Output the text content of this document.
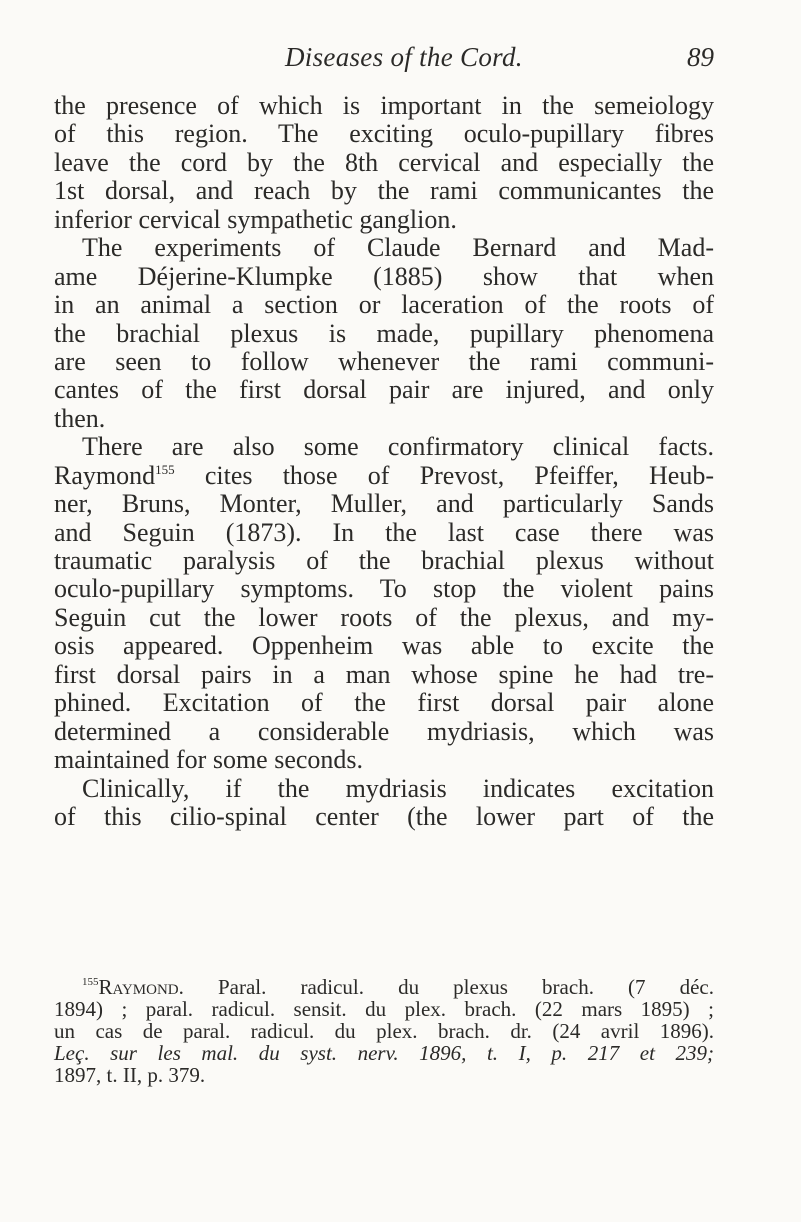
Diseases of the Cord.	89

the presence of which is important in the semeiology
of this region. The exciting oculo-pupillary fibres
leave the cord by the 8th cervical and especially the
1st dorsal, and reach by the rami communicantes the
inferior cervical sympathetic ganglion.

The experiments of Claude Bernard and Mad-
ame Déjerine-Klumpke (1885) show that when
in an animal a section or laceration of the roots of
the brachial plexus is made, pupillary phenomena
are seen to follow whenever the rami communi-
cantes of the first dorsal pair are injured, and only
then.

There are also some confirmatory clinical facts.
Raymond$^{155}$ cites those of Prevost, Pfeiffer, Heub-
ner, Bruns, Monter, Muller, and particularly Sands
and Seguin (1873). In the last case there was
traumatic paralysis of the brachial plexus without
oculo-pupillary symptoms. To stop the violent pains
Seguin cut the lower roots of the plexus, and my-
osis appeared. Oppenheim was able to excite the
first dorsal pairs in a man whose spine he had tre-
phined. Excitation of the first dorsal pair alone
determined a considerable mydriasis, which was
maintained for some seconds.

Clinically, if the mydriasis indicates excitation
of this cilio-spinal center (the lower part of the

$^{155}$Raymond. Paral. radicul. du plexus brach. (7 déc.
1894) ; paral. radicul. sensit. du plex. brach. (22 mars 1895) ;
un cas de paral. radicul. du plex. brach. dr. (24 avril 1896).
Leç. sur les mal. du syst. nerv. 1896, t. I, p. 217 et 239;
1897, t. II, p. 379.
